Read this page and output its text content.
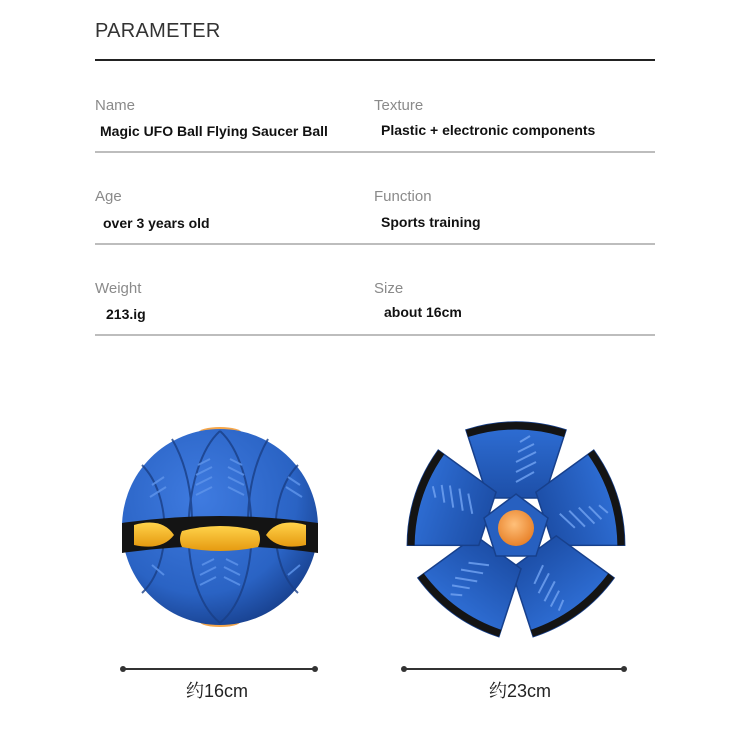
PARAMETER
Name
Magic UFO Ball Flying Saucer Ball
Texture
Plastic + electronic components
Age
over 3 years old
Function
Sports training
Weight
213.ig
Size
about 16cm
约16cm	约23cm
